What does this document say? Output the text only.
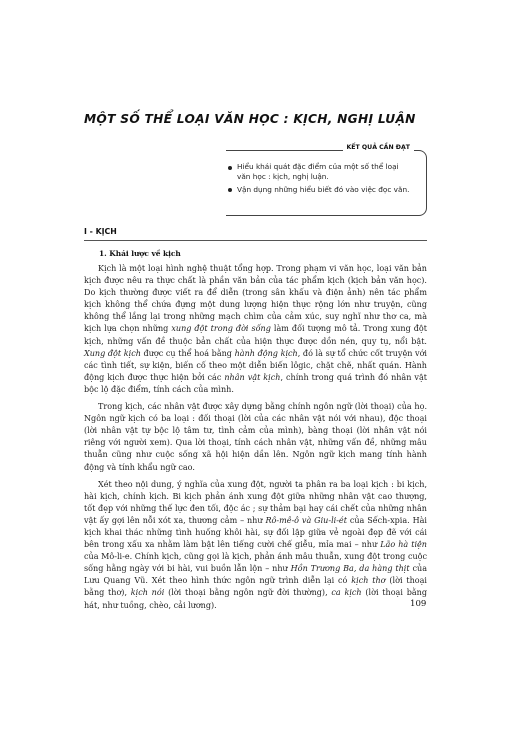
MỘT SỐ THỂ LOẠI VĂN HỌC : KỊCH, NGHỊ LUẬN
KẾT QUẢ CẦN ĐẠT
Hiểu khái quát đặc điểm của một số thể loại văn học : kịch, nghị luận.
Vận dụng những hiểu biết đó vào việc đọc văn.
I - KỊCH
1. Khái lược về kịch

Kịch là một loại hình nghệ thuật tổng hợp. Trong phạm vi văn học, loại văn bản kịch được nêu ra thực chất là phần văn bản của tác phẩm kịch (kịch bản văn học). Do kịch thường được viết ra để diễn (trong sân khấu và điện ảnh) nên tác phẩm kịch không thể chứa đựng một dung lượng hiện thực rộng lớn như truyện, cũng không thể lắng lại trong những mạch chìm của cảm xúc, suy nghĩ như thơ ca, mà kịch lựa chọn những xung đột trong đời sống làm đối tượng mô tả. Trong xung đột kịch, những vấn đề thuộc bản chất của hiện thực được dồn nén, quy tụ, nổi bật. Xung đột kịch được cụ thể hoá bằng hành động kịch, đó là sự tổ chức cốt truyện với các tình tiết, sự kiện, biến cố theo một diễn biến lôgic, chặt chẽ, nhất quán. Hành động kịch được thực hiện bởi các nhân vật kịch, chính trong quá trình đó nhân vật bộc lộ đặc điểm, tính cách của mình.

Trong kịch, các nhân vật được xây dựng bằng chính ngôn ngữ (lời thoại) của họ. Ngôn ngữ kịch có ba loại : đối thoại (lời của các nhân vật nói với nhau), độc thoại (lời nhân vật tự bộc lộ tâm tư, tình cảm của mình), bàng thoại (lời nhân vật nói riêng với người xem). Qua lời thoại, tính cách nhân vật, những vấn đề, những mâu thuẫn cũng như cuộc sống xã hội hiện dần lên. Ngôn ngữ kịch mang tính hành động và tính khẩu ngữ cao.

Xét theo nội dung, ý nghĩa của xung đột, người ta phân ra ba loại kịch : bi kịch, hài kịch, chính kịch. Bi kịch phản ánh xung đột giữa những nhân vật cao thượng, tốt đẹp với những thế lực đen tối, độc ác ; sự thảm bại hay cái chết của những nhân vật ấy gợi lên nỗi xót xa, thương cảm – như Rô-mê-ô và Giu-li-ét của Sếch-xpia. Hài kịch khai thác những tình huống khôi hài, sự đối lập giữa vẻ ngoài đẹp đẽ với cái bên trong xấu xa nhằm làm bật lên tiếng cười chế giễu, mỉa mai – như Lão hà tiện của Mô-li-e. Chính kịch, cũng gọi là kịch, phản ánh mâu thuẫn, xung đột trong cuộc sống hằng ngày với bi hài, vui buồn lẫn lộn – như Hồn Trương Ba, da hàng thịt của Lưu Quang Vũ. Xét theo hình thức ngôn ngữ trình diễn lại có kịch thơ (lời thoại bằng thơ), kịch nói (lời thoại bằng ngôn ngữ đời thường), ca kịch (lời thoại bằng hát, như tuồng, chèo, cải lương).	109
